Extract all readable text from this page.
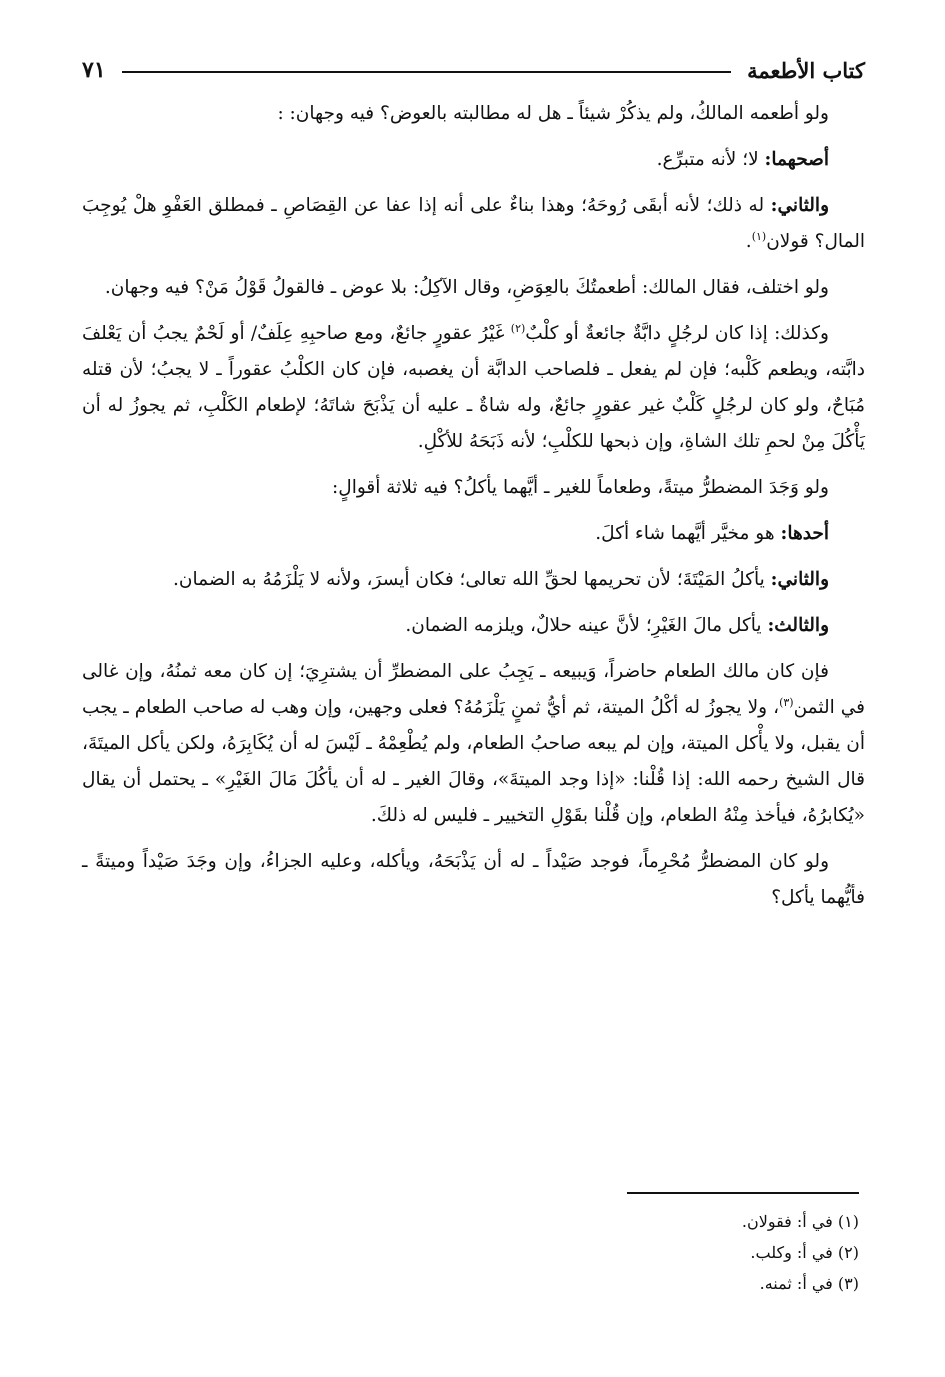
كتاب الأطعمة
٧١

ولو أطعمه المالكُ، ولم يذكُرْ شيئاً ـ هل له مطالبته بالعوض؟ فيه وجهان: :

أصحهما: لا؛ لأنه متبرِّع.

والثاني: له ذلك؛ لأنه أبقَى رُوحَهُ؛ وهذا بناءٌ على أنه إذا عفا عن القِصَاصِ ـ فمطلق العَفْوِ هلْ يُوجِبَ المال؟ قولان$^{(١)}$.

ولو اختلف، فقال المالك: أطعمتُكَ بالعِوَضِ، وقال الآكِلُ: بلا عوض ـ فالقولُ قَوْلُ مَنْ؟ فيه وجهان.

وكذلك: إذا كان لرجُلٍ دابَّةٌ جائعةٌ أو كلْبٌ$^{(٢)}$ غَيْرُ عقورٍ جائعٌ، ومع صاحبِهِ عِلَفٌ/ أو لَحْمٌ يجبُ أن يَعْلفَ دابَّته، ويطعم كَلْبه؛ فإن لم يفعل ـ فلصاحب الدابَّة أن يغصبه، فإن كان الكلْبُ عقوراً ـ لا يجبُ؛ لأن قتله مُبَاحٌ، ولو كان لرجُلٍ كَلْبٌ غير عقورٍ جائعٌ، وله شاةٌ ـ عليه أن يَذْبَحَ شاتَهُ؛ لإطعام الكَلْبِ، ثم يجوزُ له أن يَأْكُلَ مِنْ لحمِ تلك الشاةِ، وإن ذبحها للكلْبِ؛ لأنه ذَبَحَهُ للأكْلِ.

ولو وَجَدَ المضطرُّ ميتةً، وطعاماً للغير ـ أيَّهما يأكلُ؟ فيه ثلاثة أقوالٍ:

أحدها: هو مخيَّر أيَّهما شاء أكلَ.

والثاني: يأكلُ المَيْتَةَ؛ لأن تحريمها لحقِّ الله تعالى؛ فكان أيسرَ، ولأنه لا يَلْزَمُهُ به الضمان.

والثالث: يأكل مالَ الغَيْرِ؛ لأنَّ عينه حلالٌ، ويلزمه الضمان.

فإن كان مالك الطعام حاضراً، وَيبيعه ـ يَجِبُ على المضطرِّ أن يشترِيَ؛ إن كان معه ثمنُهُ، وإن غالى في الثمن$^{(٣)}$، ولا يجوزُ له أكْلُ الميتة، ثم أيُّ ثمنٍ يَلْزَمُهُ؟ فعلى وجهين، وإن وهب له صاحب الطعام ـ يجب أن يقبل، ولا يأْكل الميتة، وإن لم يبعه صاحبُ الطعام، ولم يُطْعِمْهُ ـ لَيْسَ له أن يُكَابِرَهُ، ولكن يأكل الميتَةَ، قال الشيخ رحمه الله: إذا قُلْنا: «إذا وجد الميتةَ»، وقالَ الغير ـ له أن يأكُلَ مَالَ الغَيْرِ» ـ يحتمل أن يقال «يُكابرُهُ، فيأخذ مِنْهُ الطعام، وإن قُلْنا بقَوْلِ التخيير ـ فليس له ذلكَ.

ولو كان المضطرُّ مُحْرِماً، فوجد صَيْداً ـ له أن يَذْبَحَهُ، ويأكله، وعليه الجزاءُ، وإن وجَدَ صَيْداً وميتةً ـ فأيُّهما يأكل؟

(١) في أ: فقولان.
(٢) في أ: وكلب.
(٣) في أ: ثمنه.
